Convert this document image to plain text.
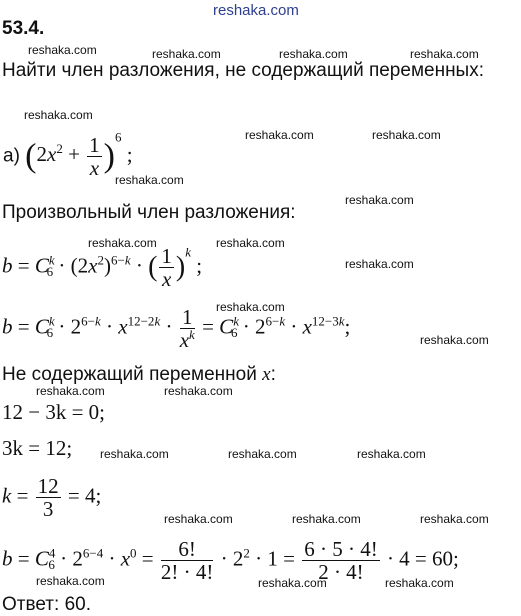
reshaka.com
reshaka.com	reshaka.com	reshaka.com	reshaka.com
reshaka.com
reshaka.com	reshaka.com
reshaka.com
reshaka.com
reshaka.com	reshaka.com
reshaka.com
reshaka.com
reshaka.com
reshaka.com	reshaka.com
reshaka.com	reshaka.com	reshaka.com
reshaka.com	reshaka.com	reshaka.com
reshaka.com	reshaka.com	reshaka.com
53.4.
Найти член разложения, не содержащий переменных:
а) $(2x^2 + \frac{1}{x} )^6$ ;
Произвольный член разложения:
$b = C^k_6 \cdot (2x^2)^{6-k}$ · ( $\frac{1}{x} )^k$ ;
$b = C^k_6 \cdot 2^{6-k} \cdot x^{12-2k} \cdot \frac{1}{x^k} = C^k_6 \cdot 2^{6-k} \cdot x^{12-3k}$;
Не содержащий переменной x:
12 − 3k = 0;
3k = 12;
$k = \frac{12}{3} = 4$;
$b = C^4_6 \cdot 2^{6-4} \cdot x^0 = \frac{6!}{2! \cdot 4!} \cdot 2^2 \cdot 1 = \frac{6 \cdot 5 \cdot 4!}{2 \cdot 4!} \cdot 4 = 60$;
Ответ: 60.
